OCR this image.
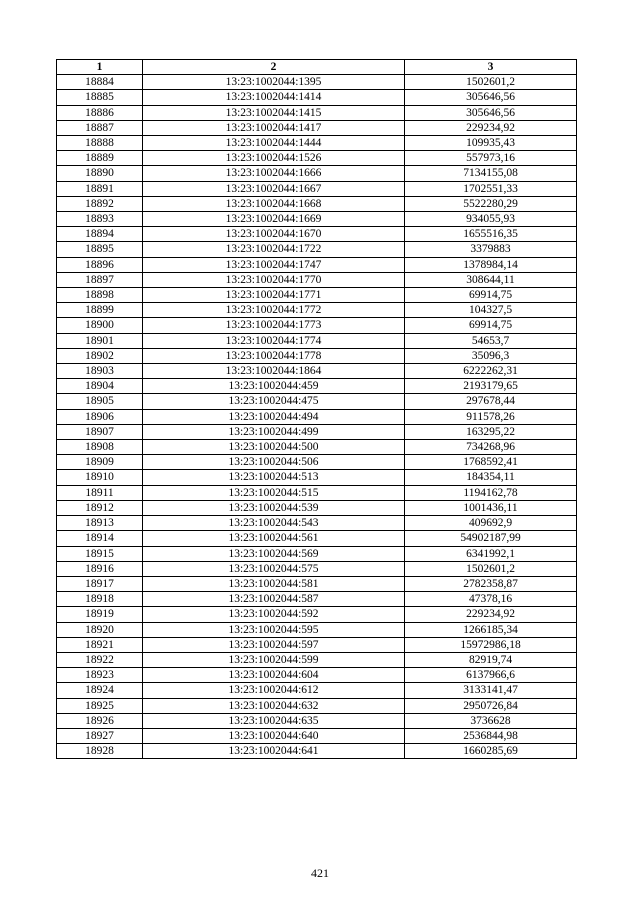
1	2	3
18884	13:23:1002044:1395	1502601,2
18885	13:23:1002044:1414	305646,56
18886	13:23:1002044:1415	305646,56
18887	13:23:1002044:1417	229234,92
18888	13:23:1002044:1444	109935,43
18889	13:23:1002044:1526	557973,16
18890	13:23:1002044:1666	7134155,08
18891	13:23:1002044:1667	1702551,33
18892	13:23:1002044:1668	5522280,29
18893	13:23:1002044:1669	934055,93
18894	13:23:1002044:1670	1655516,35
18895	13:23:1002044:1722	3379883
18896	13:23:1002044:1747	1378984,14
18897	13:23:1002044:1770	308644,11
18898	13:23:1002044:1771	69914,75
18899	13:23:1002044:1772	104327,5
18900	13:23:1002044:1773	69914,75
18901	13:23:1002044:1774	54653,7
18902	13:23:1002044:1778	35096,3
18903	13:23:1002044:1864	6222262,31
18904	13:23:1002044:459	2193179,65
18905	13:23:1002044:475	297678,44
18906	13:23:1002044:494	911578,26
18907	13:23:1002044:499	163295,22
18908	13:23:1002044:500	734268,96
18909	13:23:1002044:506	1768592,41
18910	13:23:1002044:513	184354,11
18911	13:23:1002044:515	1194162,78
18912	13:23:1002044:539	1001436,11
18913	13:23:1002044:543	409692,9
18914	13:23:1002044:561	54902187,99
18915	13:23:1002044:569	6341992,1
18916	13:23:1002044:575	1502601,2
18917	13:23:1002044:581	2782358,87
18918	13:23:1002044:587	47378,16
18919	13:23:1002044:592	229234,92
18920	13:23:1002044:595	1266185,34
18921	13:23:1002044:597	15972986,18
18922	13:23:1002044:599	82919,74
18923	13:23:1002044:604	6137966,6
18924	13:23:1002044:612	3133141,47
18925	13:23:1002044:632	2950726,84
18926	13:23:1002044:635	3736628
18927	13:23:1002044:640	2536844,98
18928	13:23:1002044:641	1660285,69
421
